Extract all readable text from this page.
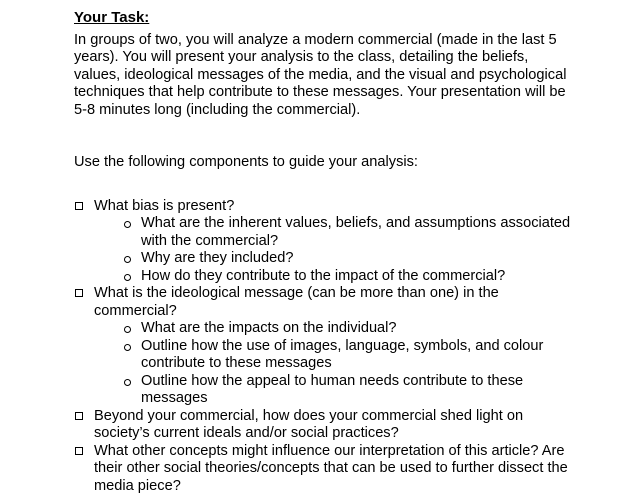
Your Task:

In groups of two, you will analyze a modern commercial (made in the last 5 years). You will present your analysis to the class, detailing the beliefs, values, ideological messages of the media, and the visual and psychological techniques that help contribute to these messages. Your presentation will be 5-8 minutes long (including the commercial).

Use the following components to guide your analysis:

What bias is present?
What are the inherent values, beliefs, and assumptions associated with the commercial?
Why are they included?
How do they contribute to the impact of the commercial?
What is the ideological message (can be more than one) in the commercial?
What are the impacts on the individual?
Outline how the use of images, language, symbols, and colour contribute to these messages
Outline how the appeal to human needs contribute to these messages
Beyond your commercial, how does your commercial shed light on society’s current ideals and/or social practices?
What other concepts might influence our interpretation of this article? Are their other social theories/concepts that can be used to further dissect the media piece?
